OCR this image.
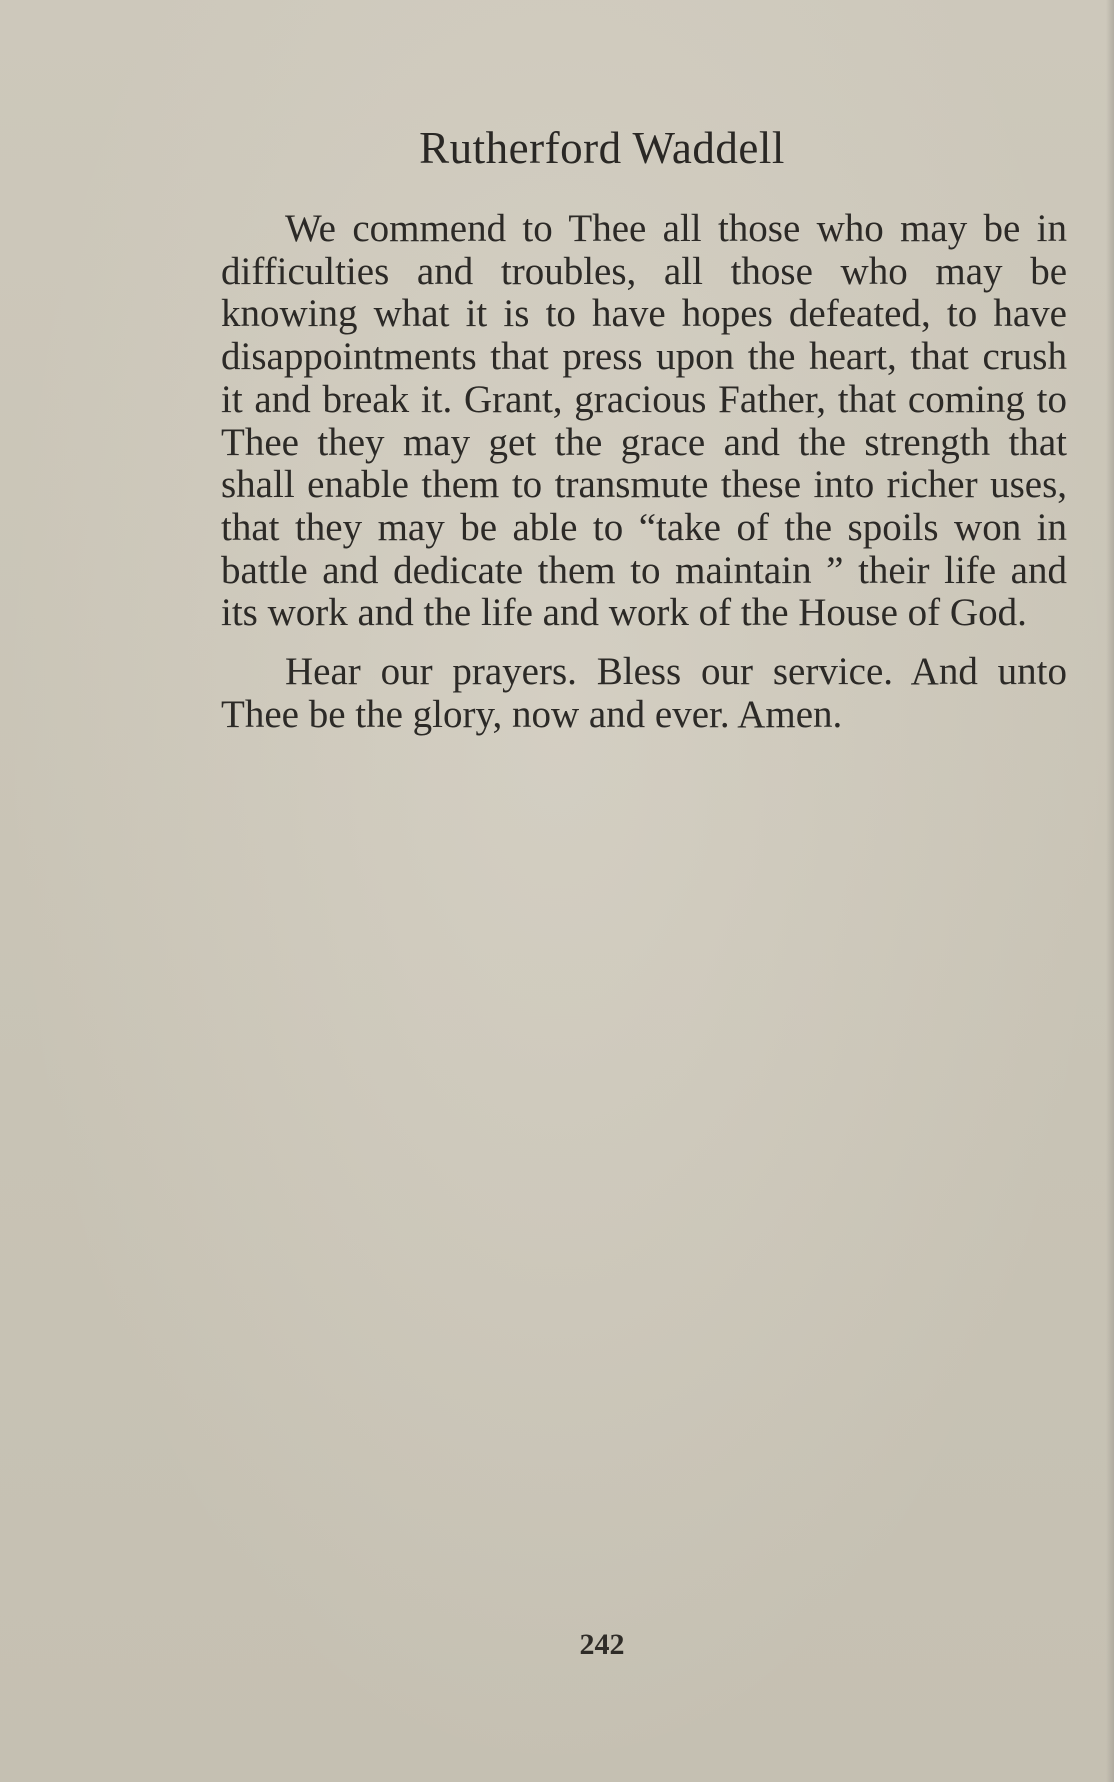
Rutherford Waddell

We commend to Thee all those who may be in difficulties and troubles, all those who may be knowing what it is to have hopes defeated, to have disappointments that press upon the heart, that crush it and break it. Grant, gracious Father, that coming to Thee they may get the grace and the strength that shall enable them to transmute these into richer uses, that they may be able to “take of the spoils won in battle and dedicate them to maintain ” their life and its work and the life and work of the House of God.

Hear our prayers. Bless our service. And unto Thee be the glory, now and ever. Amen.

242
